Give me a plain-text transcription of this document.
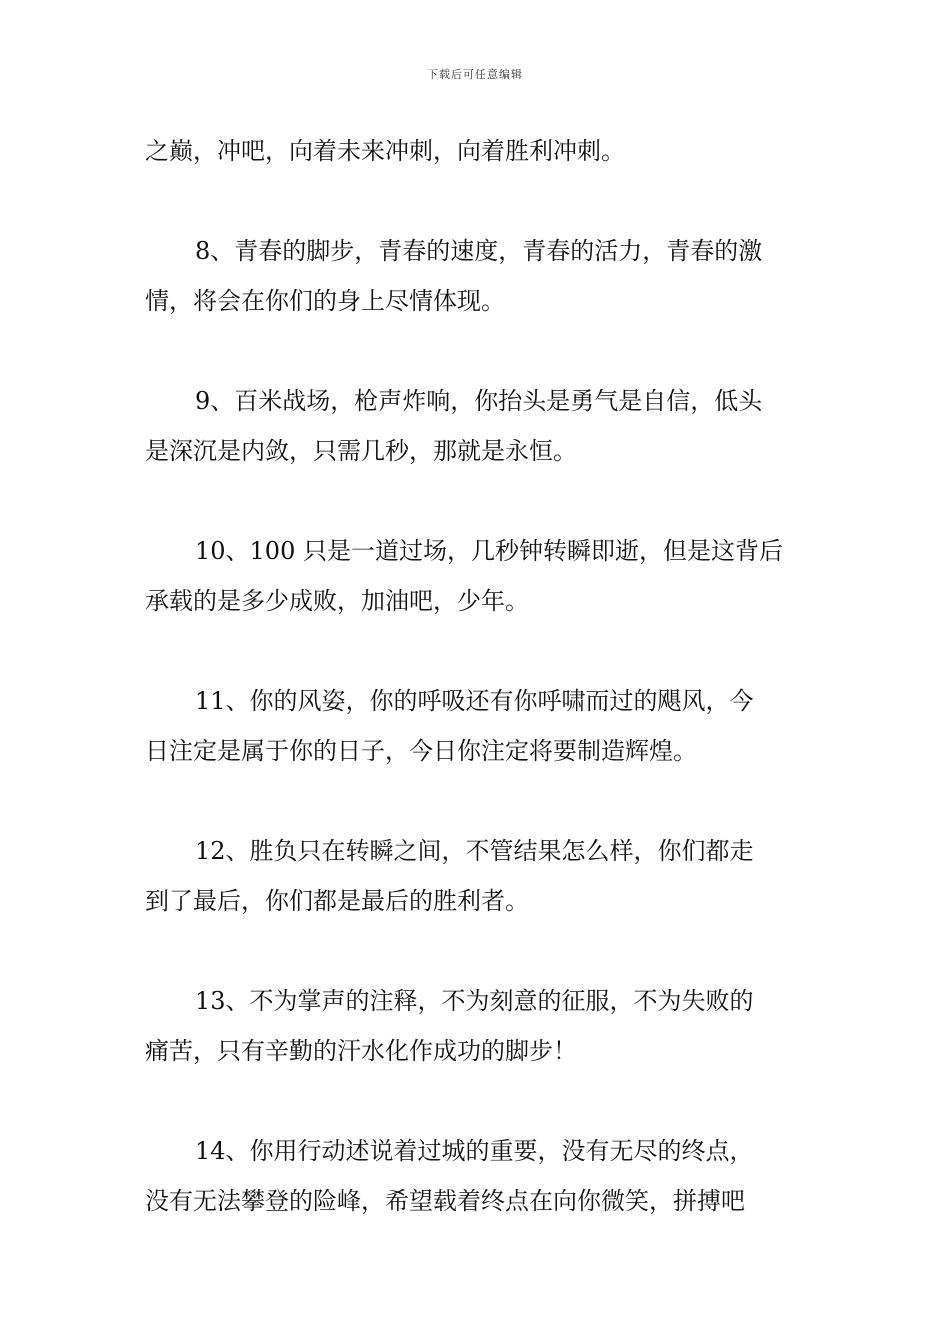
下载后可任意编辑
之巅，冲吧，向着未来冲刺，向着胜利冲刺。
8、青春的脚步，青春的速度，青春的活力，青春的激
情，将会在你们的身上尽情体现。
9、百米战场，枪声炸响，你抬头是勇气是自信，低头
是深沉是内敛，只需几秒，那就是永恒。
10、100 只是一道过场，几秒钟转瞬即逝，但是这背后
承载的是多少成败，加油吧，少年。
11、你的风姿，你的呼吸还有你呼啸而过的飓风，今
日注定是属于你的日子，今日你注定将要制造辉煌。
12、胜负只在转瞬之间，不管结果怎么样，你们都走
到了最后，你们都是最后的胜利者。
13、不为掌声的注释，不为刻意的征服，不为失败的
痛苦，只有辛勤的汗水化作成功的脚步！
14、你用行动述说着过城的重要，没有无尽的终点，
没有无法攀登的险峰，希望载着终点在向你微笑，拼搏吧
